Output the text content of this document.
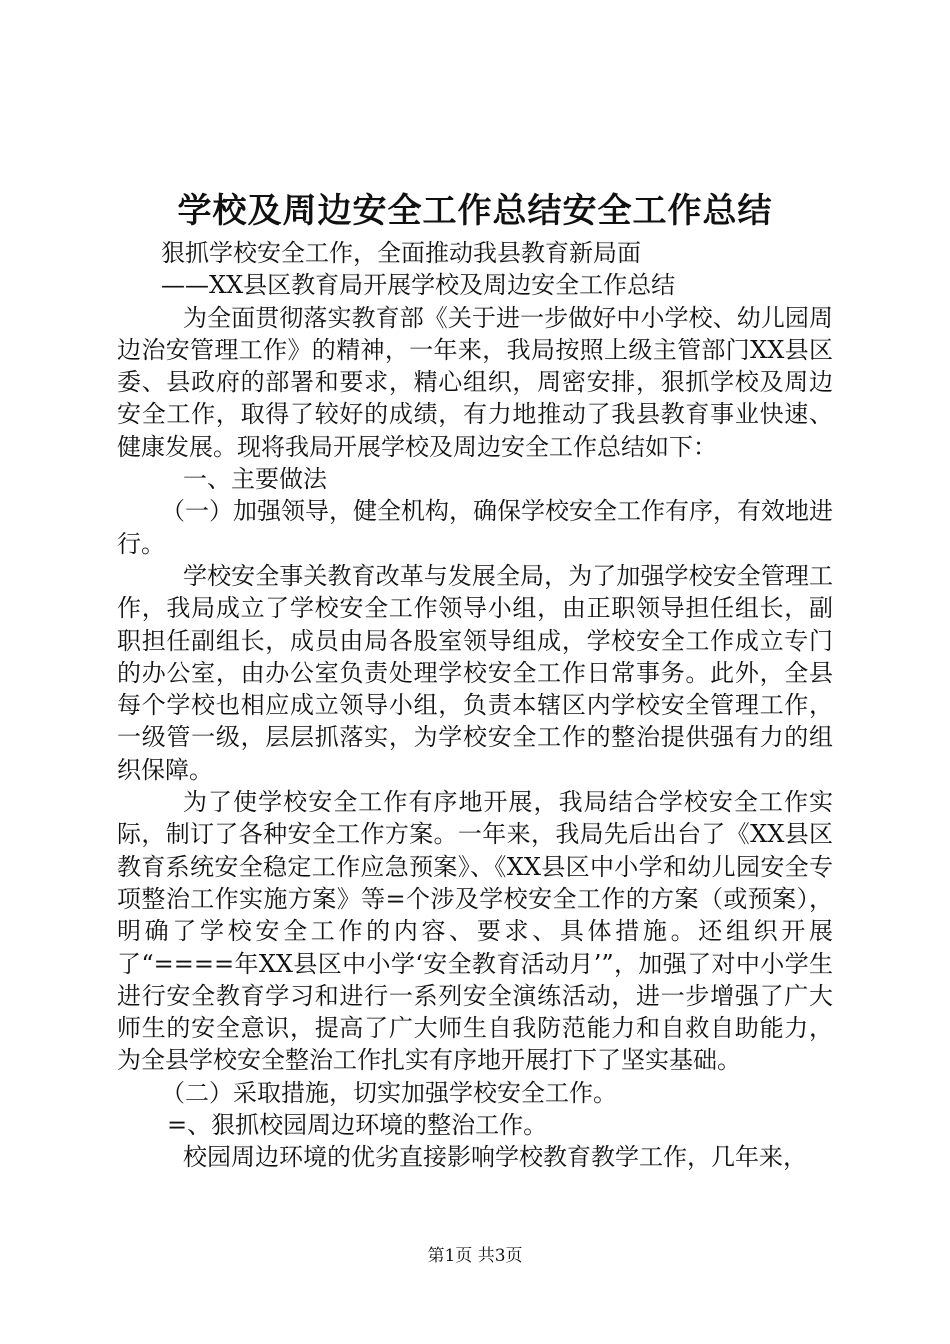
学校及周边安全工作总结安全工作总结

狠抓学校安全工作，全面推动我县教育新局面

——XX县区教育局开展学校及周边安全工作总结

为全面贯彻落实教育部《关于进一步做好中小学校、幼儿园周边治安管理工作》的精神，一年来，我局按照上级主管部门XX县区委、县政府的部署和要求，精心组织，周密安排，狠抓学校及周边安全工作，取得了较好的成绩，有力地推动了我县教育事业快速、健康发展。现将我局开展学校及周边安全工作总结如下：

一、主要做法

（一）加强领导，健全机构，确保学校安全工作有序，有效地进行。

学校安全事关教育改革与发展全局，为了加强学校安全管理工作，我局成立了学校安全工作领导小组，由正职领导担任组长，副职担任副组长，成员由局各股室领导组成，学校安全工作成立专门的办公室，由办公室负责处理学校安全工作日常事务。此外，全县每个学校也相应成立领导小组，负责本辖区内学校安全管理工作，一级管一级，层层抓落实，为学校安全工作的整治提供强有力的组织保障。

为了使学校安全工作有序地开展，我局结合学校安全工作实际，制订了各种安全工作方案。一年来，我局先后出台了《XX县区教育系统安全稳定工作应急预案》、《XX县区中小学和幼儿园安全专项整治工作实施方案》等=个涉及学校安全工作的方案（或预案），明确了学校安全工作的内容、要求、具体措施。还组织开展了“====年XX县区中小学‘安全教育活动月’”，加强了对中小学生进行安全教育学习和进行一系列安全演练活动，进一步增强了广大师生的安全意识，提高了广大师生自我防范能力和自救自助能力，为全县学校安全整治工作扎实有序地开展打下了坚实基础。

（二）采取措施，切实加强学校安全工作。

=、狠抓校园周边环境的整治工作。

校园周边环境的优劣直接影响学校教育教学工作，几年来，

第1页 共3页
